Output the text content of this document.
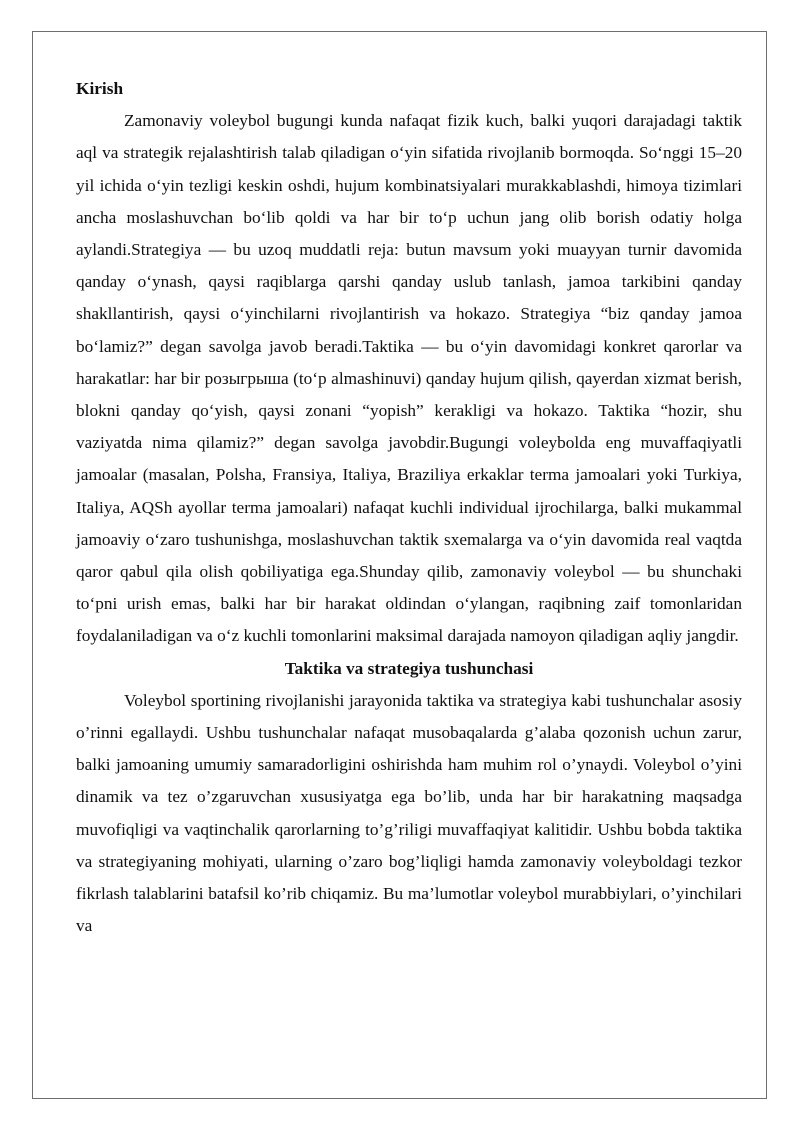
Kirish

Zamonaviy voleybol bugungi kunda nafaqat fizik kuch, balki yuqori darajadagi taktik aql va strategik rejalashtirish talab qiladigan o‘yin sifatida rivojlanib bormoqda. So‘nggi 15–20 yil ichida o‘yin tezligi keskin oshdi, hujum kombinatsiyalari murakkablashdi, himoya tizimlari ancha moslashuvchan bo‘lib qoldi va har bir to‘p uchun jang olib borish odatiy holga aylandi.Strategiya — bu uzoq muddatli reja: butun mavsum yoki muayyan turnir davomida qanday o‘ynash, qaysi raqiblarga qarshi qanday uslub tanlash, jamoa tarkibini qanday shakllantirish, qaysi o‘yinchilarni rivojlantirish va hokazo. Strategiya “biz qanday jamoa bo‘lamiz?” degan savolga javob beradi.Taktika — bu o‘yin davomidagi konkret qarorlar va harakatlar: har bir розыгрыша (to‘p almashinuvi) qanday hujum qilish, qayerdan xizmat berish, blokni qanday qo‘yish, qaysi zonani “yopish” kerakligi va hokazo. Taktika “hozir, shu vaziyatda nima qilamiz?” degan savolga javobdir.Bugungi voleybolda eng muvaffaqiyatli jamoalar (masalan, Polsha, Fransiya, Italiya, Braziliya erkaklar terma jamoalari yoki Turkiya, Italiya, AQSh ayollar terma jamoalari) nafaqat kuchli individual ijrochilarga, balki mukammal jamoaviy o‘zaro tushunishga, moslashuvchan taktik sxemalarga va o‘yin davomida real vaqtda qaror qabul qila olish qobiliyatiga ega.Shunday qilib, zamonaviy voleybol — bu shunchaki to‘pni urish emas, balki har bir harakat oldindan o‘ylangan, raqibning zaif tomonlaridan foydalaniladigan va o‘z kuchli tomonlarini maksimal darajada namoyon qiladigan aqliy jangdir.

Taktika va strategiya tushunchasi

Voleybol sportining rivojlanishi jarayonida taktika va strategiya kabi tushunchalar asosiy o’rinni egallaydi. Ushbu tushunchalar nafaqat musobaqalarda g’alaba qozonish uchun zarur, balki jamoaning umumiy samaradorligini oshirishda ham muhim rol o’ynaydi. Voleybol o’yini dinamik va tez o’zgaruvchan xususiyatga ega bo’lib, unda har bir harakatning maqsadga muvofiqligi va vaqtinchalik qarorlarning to’g’riligi muvaffaqiyat kalitidir. Ushbu bobda taktika va strategiyaning mohiyati, ularning o’zaro bog’liqligi hamda zamonaviy voleyboldagi tezkor fikrlash talablarini batafsil ko’rib chiqamiz. Bu ma’lumotlar voleybol murabbiylari, o’yinchilari va
